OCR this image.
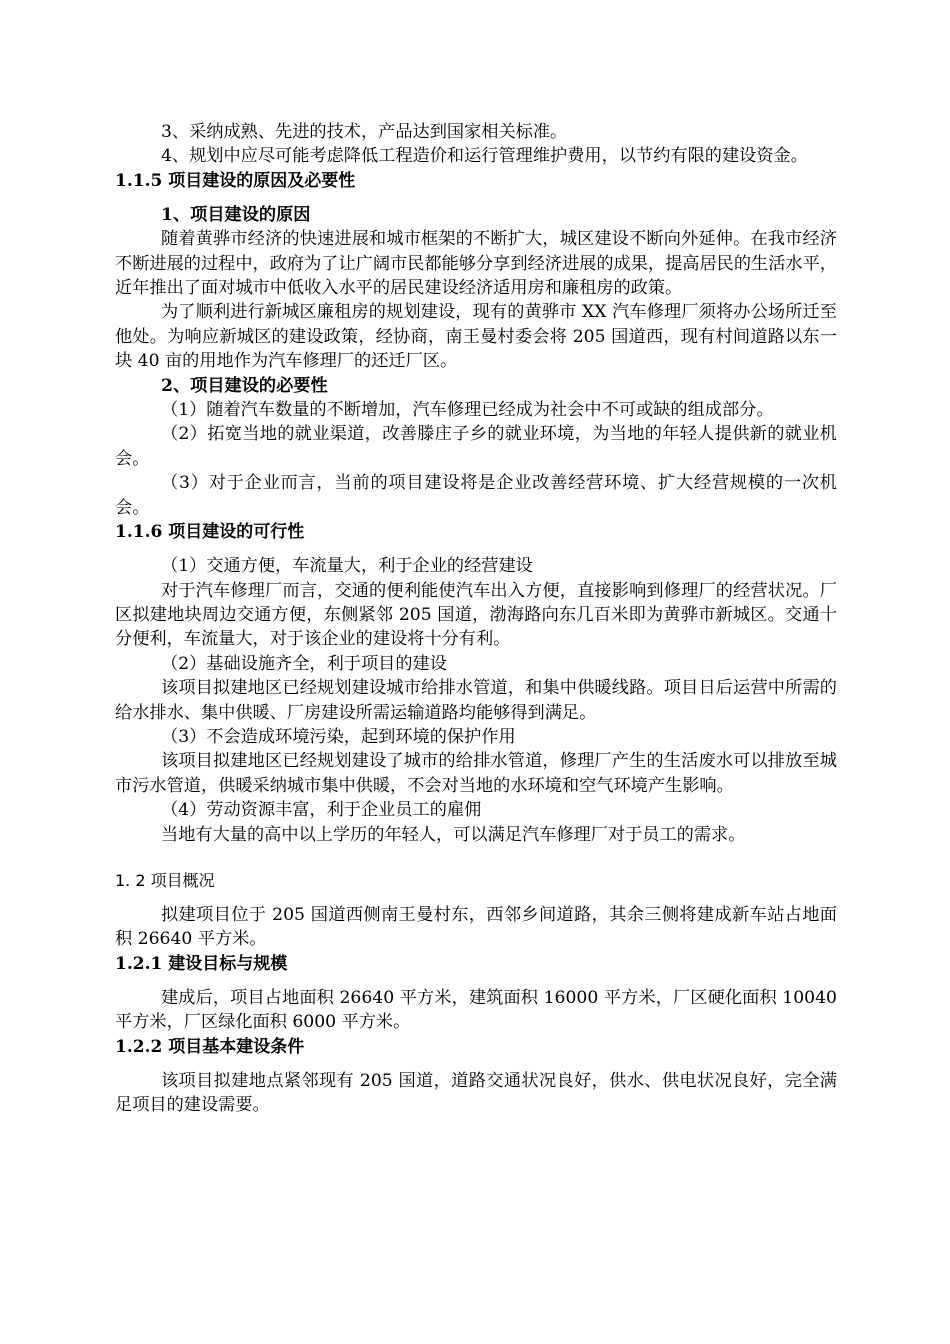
3、采纳成熟、先进的技术，产品达到国家相关标准。

4、规划中应尽可能考虑降低工程造价和运行管理维护费用，以节约有限的建设资金。

1.1.5 项目建设的原因及必要性

1、项目建设的原因

随着黄骅市经济的快速进展和城市框架的不断扩大，城区建设不断向外延伸。在我市经济不断进展的过程中，政府为了让广阔市民都能够分享到经济进展的成果，提高居民的生活水平，近年推出了面对城市中低收入水平的居民建设经济适用房和廉租房的政策。

为了顺利进行新城区廉租房的规划建设，现有的黄骅市 XX 汽车修理厂须将办公场所迁至他处。为响应新城区的建设政策，经协商，南王曼村委会将 205 国道西，现有村间道路以东一块 40 亩的用地作为汽车修理厂的还迁厂区。

2、项目建设的必要性

（1）随着汽车数量的不断增加，汽车修理已经成为社会中不可或缺的组成部分。

（2）拓宽当地的就业渠道，改善滕庄子乡的就业环境，为当地的年轻人提供新的就业机会。

（3）对于企业而言，当前的项目建设将是企业改善经营环境、扩大经营规模的一次机会。

1.1.6 项目建设的可行性

（1）交通方便，车流量大，利于企业的经营建设

对于汽车修理厂而言，交通的便利能使汽车出入方便，直接影响到修理厂的经营状况。厂区拟建地块周边交通方便，东侧紧邻 205 国道，渤海路向东几百米即为黄骅市新城区。交通十分便利，车流量大，对于该企业的建设将十分有利。

（2）基础设施齐全，利于项目的建设

该项目拟建地区已经规划建设城市给排水管道，和集中供暖线路。项目日后运营中所需的给水排水、集中供暖、厂房建设所需运输道路均能够得到满足。

（3）不会造成环境污染，起到环境的保护作用

该项目拟建地区已经规划建设了城市的给排水管道，修理厂产生的生活废水可以排放至城市污水管道，供暖采纳城市集中供暖，不会对当地的水环境和空气环境产生影响。

（4）劳动资源丰富，利于企业员工的雇佣

当地有大量的高中以上学历的年轻人，可以满足汽车修理厂对于员工的需求。

1. 2 项目概况

拟建项目位于 205 国道西侧南王曼村东，西邻乡间道路，其余三侧将建成新车站占地面积 26640 平方米。

1.2.1 建设目标与规模

建成后，项目占地面积 26640 平方米，建筑面积 16000 平方米，厂区硬化面积 10040 平方米，厂区绿化面积 6000 平方米。

1.2.2 项目基本建设条件

该项目拟建地点紧邻现有 205 国道，道路交通状况良好，供水、供电状况良好，完全满足项目的建设需要。
